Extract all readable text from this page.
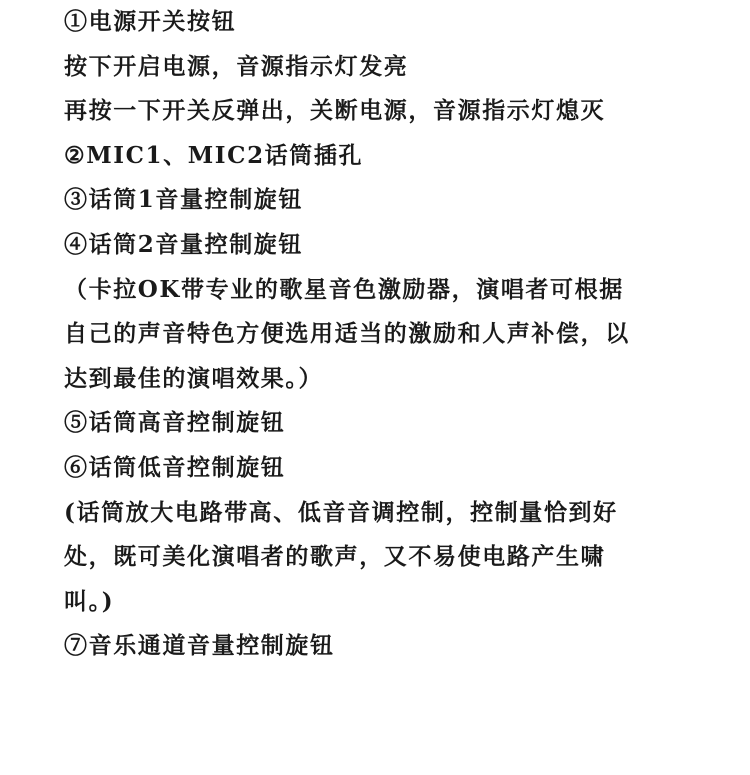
①电源开关按钮
按下开启电源，音源指示灯发亮
再按一下开关反弹出，关断电源，音源指示灯熄灭
②MIC1、MIC2话筒插孔
③话筒1音量控制旋钮
④话筒2音量控制旋钮
（卡拉OK带专业的歌星音色激励器，演唱者可根据
自己的声音特色方便选用适当的激励和人声补偿，以
达到最佳的演唱效果。）
⑤话筒高音控制旋钮
⑥话筒低音控制旋钮
(话筒放大电路带高、低音音调控制，控制量恰到好
处，既可美化演唱者的歌声，又不易使电路产生啸
叫。)
⑦音乐通道音量控制旋钮
